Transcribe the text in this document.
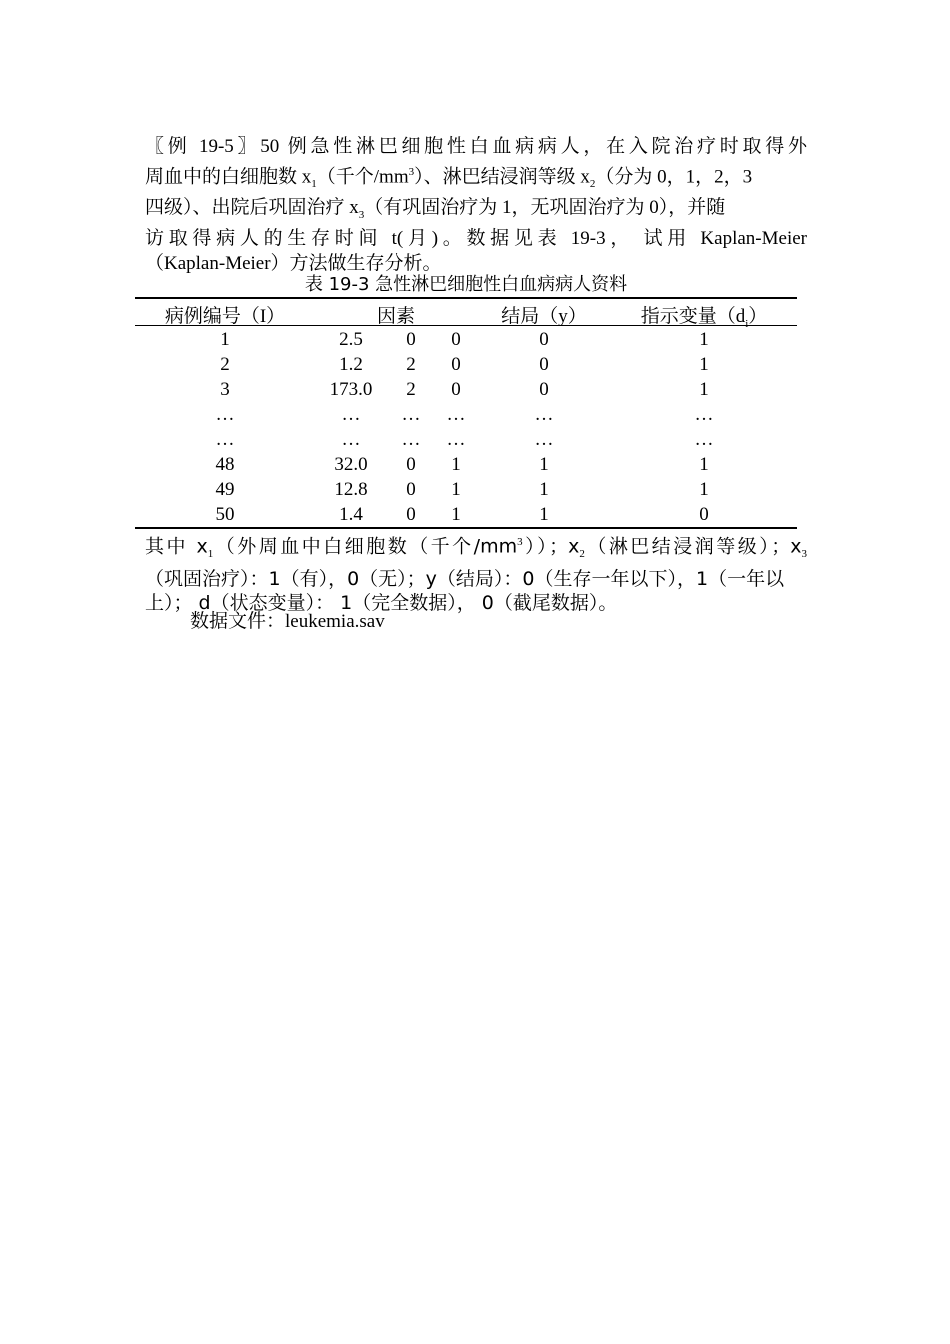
〖例 19-5〗50 例急性淋巴细胞性白血病病人，在入院治疗时取得外
周血中的白细胞数 $x_1$（千个$/mm^3$）、淋巴结浸润等级 $x_2$（分为 0，1，2，3
四级）、出院后巩固治疗 $x_3$（有巩固治疗为 1，无巩固治疗为 0），并随
访取得病人的生存时间 t(月)。数据见表 19-3， 试用 Kaplan-Meier
（Kaplan-Meier）方法做生存分析。
表 19-3 急性淋巴细胞性白血病病人资料
病例编号（I）	因素	结局（y）	指示变量$(d_i)$
1	2.5 0 0	0	1
2	1.2 2 0	0	1
3	173.0 2 0	0	1
…	… … …	…	…
…	… … …	…	…
48	32.0 0 1	1	1
49	12.8 0 1	1	1
50	1.4 0 1	1	0
其中 $x_1$（外周血中白细胞数（千个$/mm^3$））；$x_2$（淋巴结浸润等级）；$x_3$
（巩固治疗）：1（有），0（无）；y（结局）：0（生存一年以下），1（一年以
上）； d（状态变量）： 1（完全数据）， 0（截尾数据）。
数据文件：leukemia.sav
